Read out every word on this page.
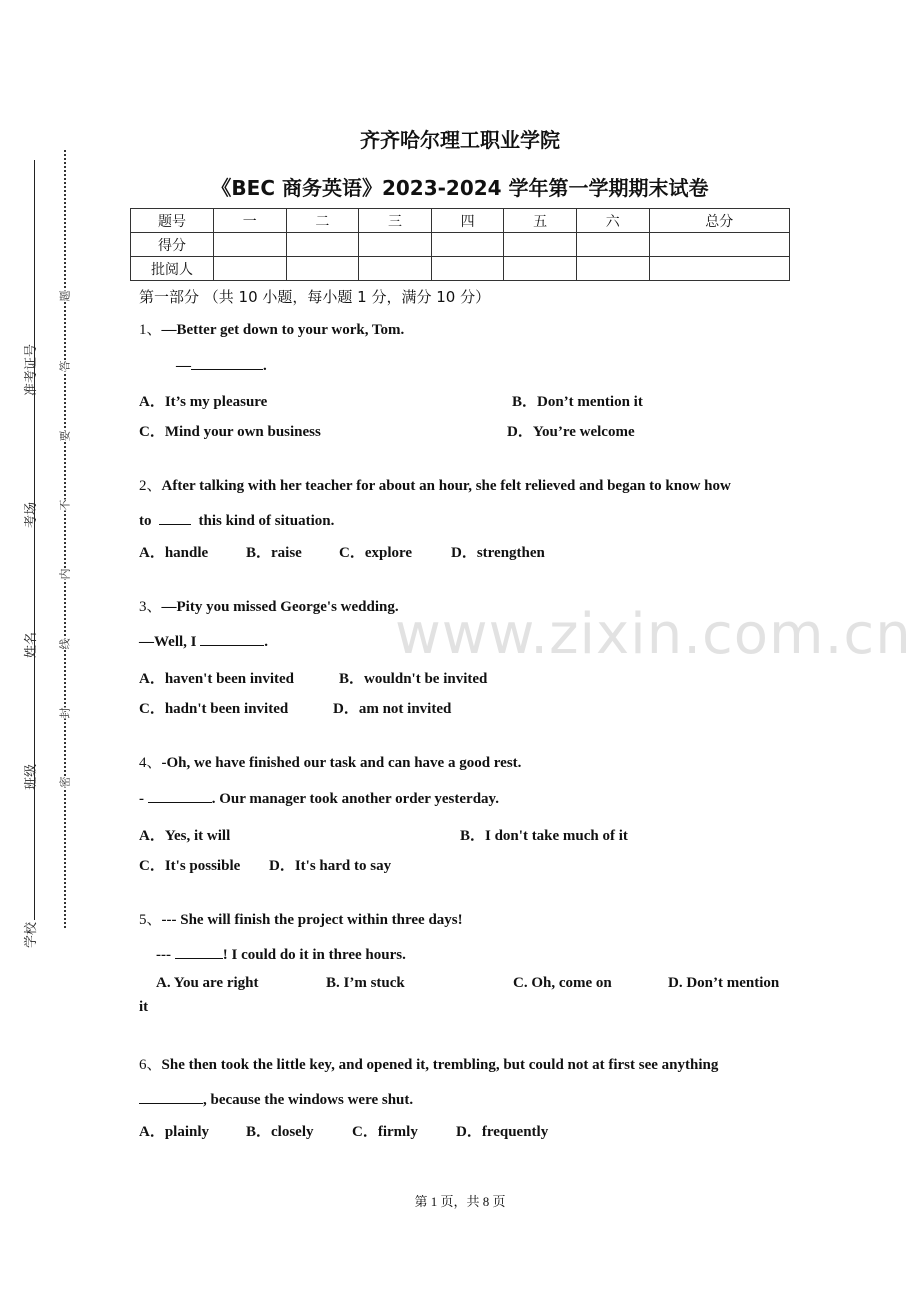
准考证号
考场
姓名
班级
学校
题
答
要
不
内
线
封
密
齐齐哈尔理工职业学院
《BEC 商务英语》2023-2024 学年第一学期期末试卷
题号	一	二	三	四	五	六	总分
得分							
批阅人							
第一部分 （共 10 小题，每小题 1 分，满分 10 分）
www.zixin.com.cn
1、—Better get down to your work, Tom.
—	.
A．It’s my pleasure	B．Don’t mention it
C．Mind your own business	D．You’re welcome
2、After talking with her teacher for about an hour, she felt relieved and began to know how
to	this kind of situation.
A．handle	B．raise C．explore	D．strengthen
3、—Pity you missed George's wedding.
—Well, I	.
A．haven't been invited	B．wouldn't be invited
C．hadn't been invited	D．am not invited
4、-Oh, we have finished our task and can have a good rest.
-	. Our manager took another order yesterday.
A．Yes, it will	B．I don't take much of it
C．It's possible D．It's hard to say
5、--- She will finish the project within three days!
---	! I could do it in three hours.
A. You are right	B. I’m stuck	C. Oh, come on	D. Don’t mention
it
6、She then took the little key, and opened it, trembling, but could not at first see anything
, because the windows were shut.
A．plainly B．closely	C．firmly	D．frequently
第 1 页，共 8 页
